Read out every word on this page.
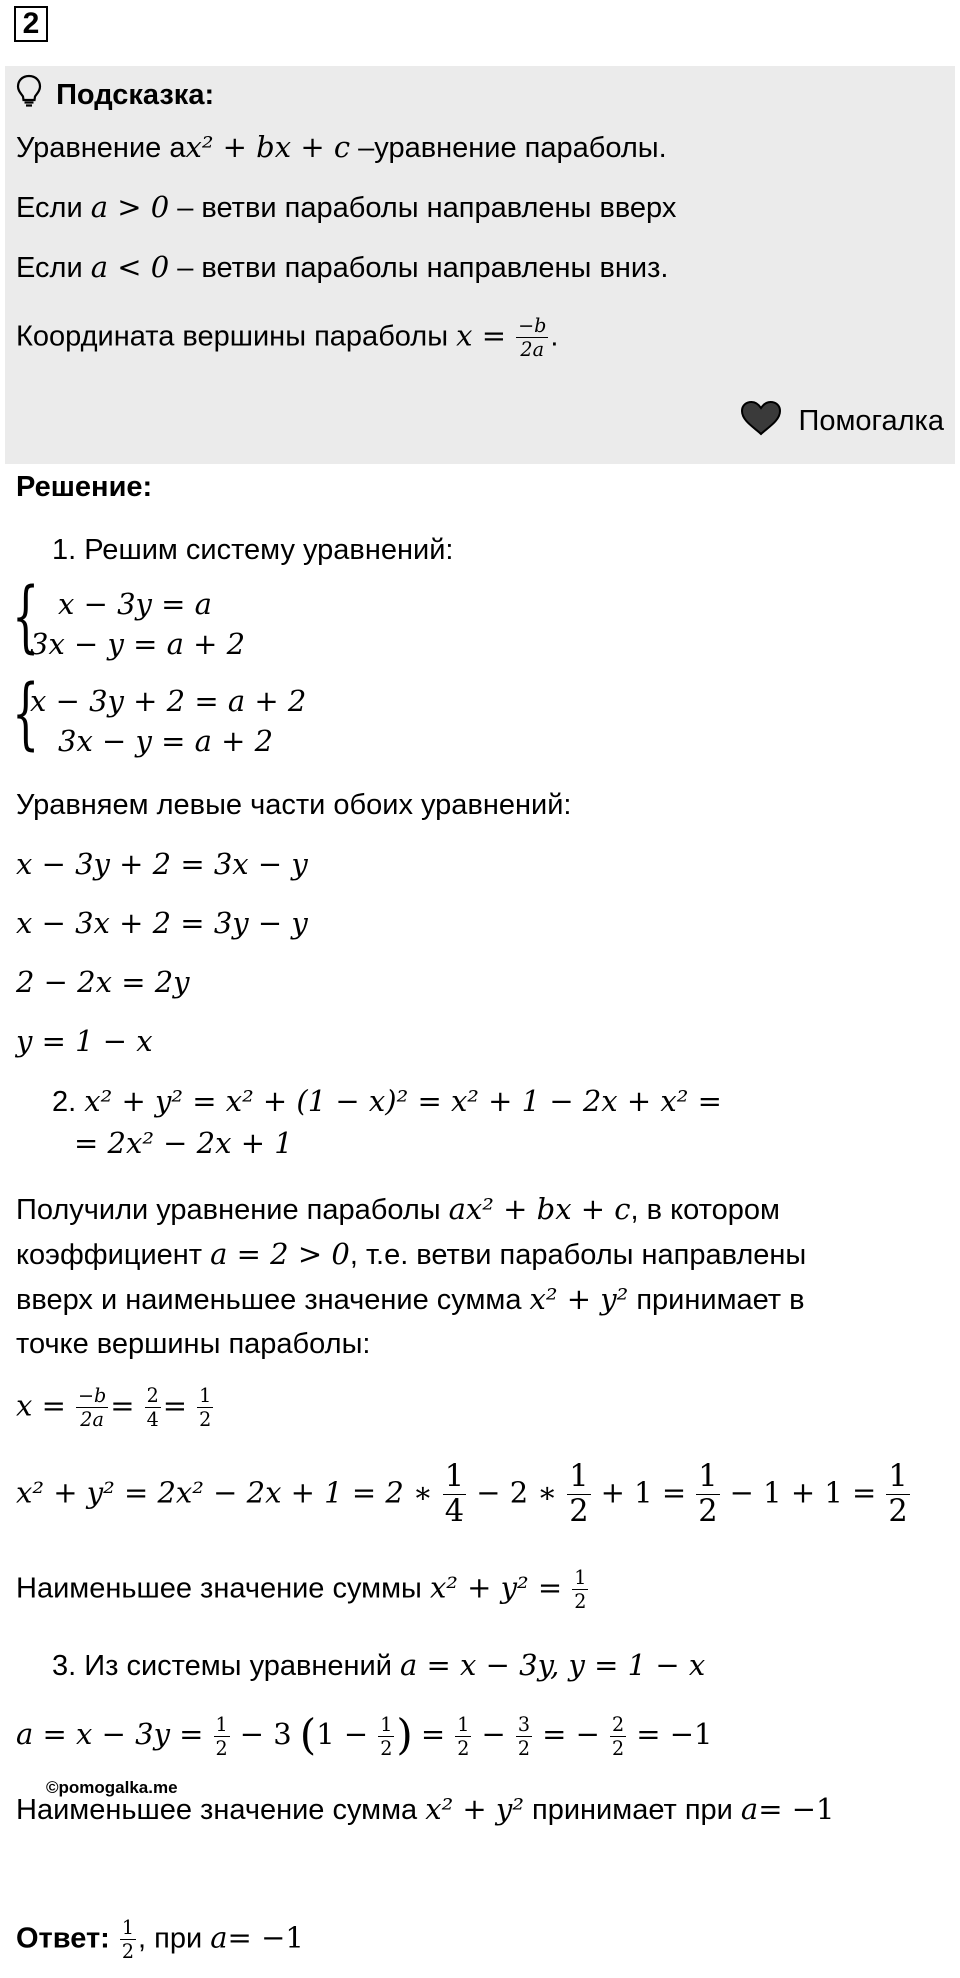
2
Подсказка:
Уравнение ax² + bx + c –уравнение параболы.
Если a > 0 – ветви параболы направлены вверх
Если a < 0 – ветви параболы направлены вниз.
Координата вершины параболы $x = \frac{-b}{2a}$ .
Помогалка
Решение:
1. Решим систему уравнений:
{ x − 3y = a
3x − y = a + 2
{
x − 3y + 2 = a + 2
3x − y = a + 2
Уравняем левые части обоих уравнений:
x − 3y + 2 = 3x − y
x − 3x + 2 = 3y − y
2 − 2x = 2y
y = 1 − x
2. x² + y² = x² + (1 − x)² = x² + 1 − 2x + x² =
= 2x² − 2x + 1
Получили уравнение параболы ax² + bx + c, в котором
коэффициент a = 2 > 0, т.е. ветви параболы направлены
вверх и наименьшее значение сумма x² + y² принимает в
точке вершины параболы:
$x = \frac{-b}{2a} = \frac{2}{4} = \frac{1}{2}$
x² + y² = 2x² − 2x + 1 = 2 ∗ $\frac{1}{4} - 2$ ∗ $\frac{1}{2} + 1 = \frac{1}{2} - 1 + 1 = \frac{1}{2}$
Наименьшее значение суммы $x^2 + y^2 = \frac{1}{2}$
3. Из системы уравнений a = x − 3y, y = 1 − x
$a = x - 3y = \frac{1}{2} - 3$ ($1 - \frac{1}{2}$ ) = $\frac{1}{2} - \frac{3}{2}$ = − $\frac{2}{2} = -1$
©pomogalka.me
Наименьшее значение сумма x² + y² принимает при a= −1
Ответ: $\frac{1}{2}$ , при a= −1
